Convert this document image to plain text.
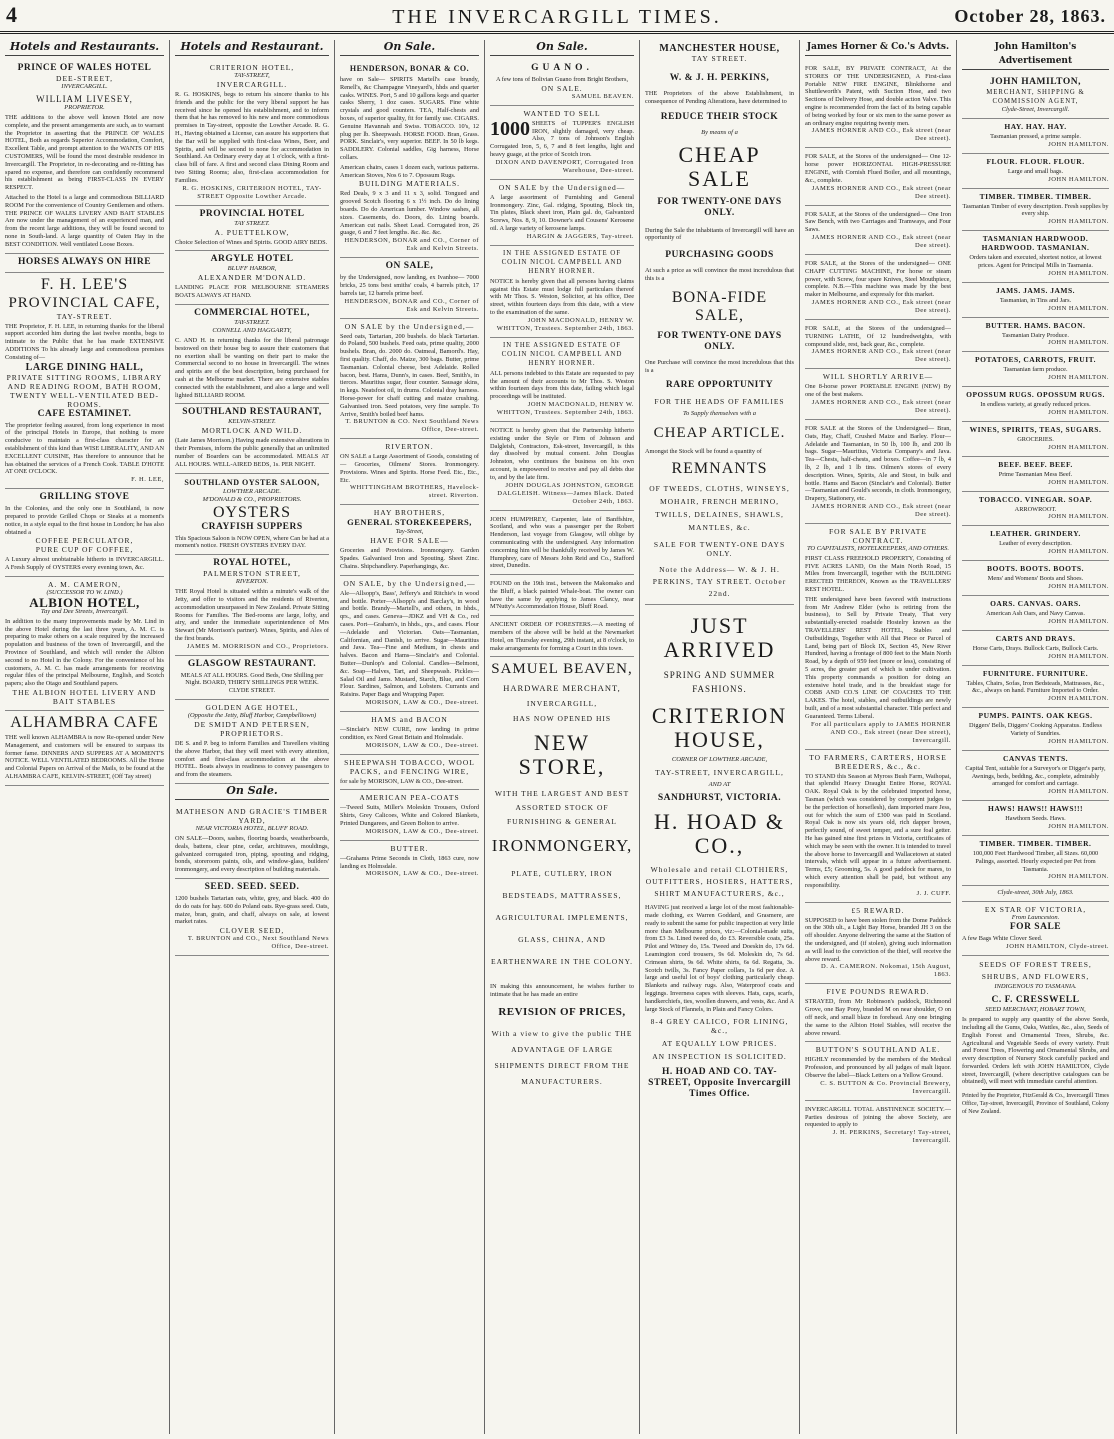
4	THE INVERCARGILL TIMES.	October 28, 1863.
Hotels and Restaurants.
PRINCE OF WALES HOTEL
DEE-STREET,
INVERCARGILL.
WILLIAM LIVESEY,
PROPRIETOR.
THE additions to the above well known Hotel are now complete, and the present arrangements are such, as to warrant the Proprietor in asserting that the PRINCE OF WALES HOTEL, Both as regards Superior Accommodation, Comfort, Excellent Table, and prompt attention to the WANTS OF HIS CUSTOMERS, Will be found the most desirable residence in Invercargill. The Proprietor, in re-decorating and re-fitting has spared no expense, and therefore can confidently recommend his establishment as being FIRST-CLASS IN EVERY RESPECT.
Attached to the Hotel is a large and commodious BILLIARD ROOM For the convenience of Country Gentlemen and others. THE PRINCE OF WALES LIVERY AND BAIT STABLES Are now under the management of an experienced man, and from the recent large additions, they will be found second to none in South-land. A large quantity of Oaten Hay in the BEST CONDITION. Well ventilated Loose Boxes.
HORSES ALWAYS ON HIRE
F. H. LEE'S
PROVINCIAL CAFE,
TAY-STREET.
THE Proprietor, F. H. LEE, in returning thanks for the liberal support accorded him during the last twelve months, begs to intimate to the Public that he has made EXTENSIVE ADDITIONS To his already large and commodious premises Consisting of—
LARGE DINING HALL,
PRIVATE SITTING ROOMS, LIBRARY AND READING ROOM, BATH ROOM,
TWENTY WELL-VENTILATED BED-ROOMS.
CAFE ESTAMINET.
The proprietor feeling assured, from long experience in most of the principal Hotels in Europe, that nothing is more conducive to maintain a first-class character for an establishment of this kind than WISE LIBERALITY, AND AN EXCELLENT CUISINE, Has therefore to announce that he has obtained the services of a French Cook. TABLE D'HOTE AT ONE O'CLOCK.
F. H. LEE,
GRILLING STOVE
In the Colonies, and the only one in Southland, is now prepared to provide Grilled Chops or Steaks at a moment's notice, in a style equal to the first house in London; he has also obtained a
COFFEE PERCULATOR,
PURE CUP OF COFFEE,
A Luxury almost unobtainable hitherto in INVERCARGILL. A Fresh Supply of OYSTERS every evening town, &c.
A. M. CAMERON,
(SUCCESSOR TO W. LIND.)
ALBION HOTEL,
Tay and Dee Streets, Invercargill.
In addition to the many improvements made by Mr. Lind in the above Hotel during the last three years, A. M. C. is preparing to make others on a scale required by the increased population and business of the town of Invercargill, and the Province of Southland, and which will render the Albion second to no Hotel in the Colony. For the convenience of his customers, A. M. C. has made arrangements for receiving regular files of the principal Melbourne, English, and Scotch papers; also the Otago and Southland papers.
THE ALBION HOTEL LIVERY AND BAIT STABLES
ALHAMBRA CAFE
THE well known ALHAMBRA is now Re-opened under New Management, and customers will be ensured to surpass its former fame. DINNERS AND SUPPERS AT A MOMENT'S NOTICE. WELL VENTILATED BEDROOMS. All the Home and Colonial Papers on Arrival of the Mails, to be found at the ALHAMBRA CAFE, KELVIN-STREET, (Off Tay street)
Hotels and Restaurant.
CRITERION HOTEL,
TAY-STREET,
INVERCARGILL.
R. G. HOSKINS, begs to return his sincere thanks to his friends and the public for the very liberal support he has received since he opened his establishment, and to inform them that he has removed to his new and more commodious premises in Tay-street, opposite the Lowther Arcade. R. G. H., Having obtained a License, can assure his supporters that the Bar will be supplied with first-class Wines, Beer, and Spirits, and will be second to none for accommodation in Southland. An Ordinary every day at 1 o'clock, with a first-class bill of fare. A first and second class Dining Room and two Sitting Rooms; also, first-class accommodation for Families.
R. G. HOSKINS, CRITERION HOTEL, TAY-STREET Opposite Lowther Arcade.
PROVINCIAL HOTEL
TAY STREET.
A. PUETTELKOW,
Choice Selection of Wines and Spirits. GOOD AIRY BEDS.
ARGYLE HOTEL
BLUFF HARBOR,
ALEXANDER M'DONALD.
LANDING PLACE FOR MELBOURNE STEAMERS BOATS ALWAYS AT HAND.
COMMERCIAL HOTEL,
TAY-STREET.
CONNELL AND HAGGARTY,
C. AND H. in returning thanks for the liberal patronage bestowed on their house beg to assure their customers that no exertion shall be wanting on their part to make the Commercial second to no house in Invercargill. The wines and spirits are of the best description, being purchased for cash at the Melbourne market. There are extensive stables connected with the establishment, and also a large and well lighted BILLIARD ROOM.
SOUTHLAND RESTAURANT,
KELVIN-STREET.
MORTLOCK AND WILD.
(Late James Morrison.) Having made extensive alterations in their Premises, inform the public generally that an unlimited number of Boarders can be accommodated. MEALS AT ALL HOURS. WELL-AIRED BEDS, 1s. PER NIGHT.
SOUTHLAND OYSTER SALOON,
LOWTHER ARCADE.
M'DONALD & CO., PROPRIETORS.
OYSTERS
CRAYFISH SUPPERS
This Spacious Saloon is NOW OPEN, where Can be had at a moment's notice. FRESH OYSTERS EVERY DAY.
ROYAL HOTEL,
PALMERSTON STREET,
RIVERTON.
THE Royal Hotel is situated within a minute's walk of the Jetty, and offer to visitors and the residents of Riverton, accommodation unsurpassed in New Zealand. Private Sitting Rooms for Families. The Bed-rooms are large, lofty, and airy, and under the immediate superintendence of Mrs Stewart (Mr Morrison's partner). Wines, Spirits, and Ales of the first brands.
JAMES M. MORRISON and CO., Proprietors.
GLASGOW RESTAURANT.
MEALS AT ALL HOURS. Good Beds, One Shilling per Night. BOARD, THIRTY SHILLINGS PER WEEK. CLYDE STREET.
GOLDEN AGE HOTEL,
(Opposite the Jetty, Bluff Harbor, Campbelltown)
DE SMIDT AND PETERSEN, PROPRIETORS.
DE S. and P. beg to inform Families and Travellers visiting the above Harbor, that they will meet with every attention, comfort and first-class accommodation at the above HOTEL. Boats always in readiness to convey passengers to and from the steamers.
On Sale.
MATHESON AND GRACIE'S TIMBER YARD,
NEAR VICTORIA HOTEL, BLUFF ROAD.
ON SALE—Doors, sashes, flooring boards, weatherboards, deals, battens, clear pine, cedar, architraves, mouldings, galvanized corrugated iron, piping, spouting and ridging, bonds, storeroom paints, oils, and window-glass, builders' ironmongery, and every description of building materials.
SEED. SEED. SEED.
1200 bushels Tartarian oats, white, grey, and black. 400 do do do oats for hay. 600 do Poland oats. Rye-grass seed. Oats, maize, bran, grain, and chaff, always on sale, at lowest market rates.
CLOVER SEED,
T. BRUNTON and CO., Next Southland News Office, Dee-street.
On Sale.
HENDERSON, BONAR & CO.
have on Sale— SPIRITS Martell's case brandy, Renell's, &c Champagne Vineyard's, hhds and quarter casks. WINES. Port, 5 and 10 gallons kegs and quarter casks Sherry, 1 doz cases. SUGARS. Fine white crystals and good counters. TEA, Half-chests and boxes, of superior quality, fit for family use. CIGARS. Genuine Havannah and Swiss. TOBACCO. 10's, 12 plug per lb. Sheepwash. HORSE FOOD. Bran, Grass. PORK. Sinclair's, very superior. BEEF. In 50 lb kegs. SADDLERY. Colonial saddles, Gig harness, Horse collars.
American chairs, cases 1 dozen each, various patterns. American Stoves, Nos 6 to 7. Opossum Rugs.
BUILDING MATERIALS.
Red Deals, 9 x 3 and 11 x 3, solid. Tongued and grooved Scotch flooring 6 x 1½ inch. Do do lining boards. Do do American lumber. Window sashes, all sizes. Casements, do. Doors, do. Lining boards. American cut nails. Sheet Lead. Corrugated iron, 26 guage, 6 and 7 feet lengths. &c. &c. &c.
HENDERSON, BONAR and CO., Corner of Esk and Kelvin Streets.
ON SALE,
by the Undersigned, now landing, ex Ivanhoe— 7000 bricks, 25 tons best smiths' coals, 4 barrels pitch, 17 barrels tar, 12 barrels prime beef.
HENDERSON, BONAR and CO., Corner of Esk and Kelvin Streets.
ON SALE by the Undersigned,—
Seed oats, Tartarian, 200 bushels. do black Tartarian. do Poland, 500 bushels. Feed oats, prime quality, 2000 bushels. Bran, do. 2000 do. Oatmeal, Bamord's. Hay, first quality. Chaff, do. Maize, 300 bags. Butter, prime Tasmanian. Colonial cheese, best Adelaide. Rolled bacon, best. Hams, Dunn's, in cases. Beef, Smith's, in tierces. Mauritius sugar, flour counter. Sausage skins, in kegs. Neatsfoot oil, in drums. Colonial dray harness. Horse-power for chaff cutting and maize crushing. Galvanised iron. Seed potatoes, very fine sample. To Arrive, Smith's boiled beef hams.
T. BRUNTON & CO. Next Southland News Office, Dee-street.
RIVERTON.
ON SALE a Large Assortment of Goods, consisting of— Groceries, Oilmens' Stores. Ironmongery. Provisions. Wines and Spirits. Horse Feed. Etc., Etc., Etc.
WHITTINGHAM BROTHERS, Havelock-street. Riverton.
HAY BROTHERS,
GENERAL STOREKEEPERS,
Tay-Street,
HAVE FOR SALE—
Groceries and Provisions. Ironmongery. Garden Spades. Galvanised Iron and Spouting. Sheet Zinc. Chains. Shipchandlery. Paperhangings, &c.
ON SALE, by the Undersigned,—
Ale—Allsopp's, Bass', Jeffery's and Ritchie's in wood and bottle. Porter—Allsopp's and Barclay's, in wood and bottle. Brandy—Martell's, and others, in hhds., qrs., and cases. Geneva—JDKZ and VH & Co., red cases. Port—Graham's, in hhds., qrs., and cases. Flour—Adelaide and Victorian. Oats—Tasmanian, Californian, and Danish, to arrive. Sugar—Mauritius and Java. Tea—Fine and Medium, in chests and halves. Bacon and Hams—Sinclair's and Colonial. Butter—Dunlop's and Colonial. Candles—Belmont, &c. Soap—Halves, Tart, and Sheepwash. Pickles—Salad Oil and Jams. Mustard, Starch, Blue, and Corn Flour. Sardines, Salmon, and Lobsters. Currants and Raisins. Paper Bags and Wrapping Paper.
MORISON, LAW & CO., Dee-street.
HAMS and BACON
—Sinclair's NEW CURE, now landing in prime condition, ex Nord Great Britain and Holmsdale.
MORISON, LAW & CO., Dee-street.
SHEEPWASH TOBACCO, WOOL PACKS, and FENCING WIRE,
for sale by MORISON, LAW & CO., Dee-street.
AMERICAN PEA-COATS
—Tweed Suits, Miller's Moleskin Trousers, Oxford Shirts, Grey Calicoes, White and Colored Blankets, Printed Dungarees, and Green Bolton to arrive.
MORISON, LAW & CO., Dee-street.
BUTTER.
—Grahams Prime Seconds in Cloth, 1863 cure, now landing ex Holmsdale.
MORISON, LAW & CO., Dee-street.
On Sale.
GUANO.
A few tons of Bolivian Guano from Bright Brothers,
ON SALE.
SAMUEL BEAVEN.
WANTED TO SELL
1000 SHEETS of TUPPER'S ENGLISH IRON, slightly damaged, very cheap. Also, 7 tons of Johnson's English Corrugated Iron, 5, 6, 7 and 8 feet lengths, light and heavy guage, at the price of Scotch iron.
DIXON AND DAVENPORT, Corrugated Iron Warehouse, Dee-street.
ON SALE by the Undersigned—
A large assortment of Furnishing and General Ironmongery. Zinc, Gal. ridging, Spouting, Block tin, Tin plates, Black sheet iron, Plain gal. do, Galvanized Screws, Nos. 8, 9, 10. Downer's and Cousens' Kerosene oil. A large variety of kerosene lamps.
HARGIN & JAGGERS, Tay-street.
IN THE ASSIGNED ESTATE OF COLIN NICOL CAMPBELL AND HENRY HORNER.
NOTICE is hereby given that all persons having claims against this Estate must lodge full particulars thereof with Mr Thos. S. Weston, Solicitor, at his office, Dee street, within fourteen days from this date, with a view to the examination of the same.
JOHN MACDONALD, HENRY W. WHITTON, Trustees. September 24th, 1863.
IN THE ASSIGNED ESTATE OF COLIN NICOL CAMPBELL AND HENRY HORNER.
ALL persons indebted to this Estate are requested to pay the amount of their accounts to Mr Thos. S. Weston within fourteen days from this date, failing which legal proceedings will be instituted.
JOHN MACDONALD, HENRY W. WHITTON, Trustees. September 24th, 1863.
NOTICE is hereby given that the Partnership hitherto existing under the Style or Firm of Johnson and Dalgleish, Contractors, Esk-street, Invercargill, is this day dissolved by mutual consent. John Douglas Johnston, who continues the business on his own account, is empowered to receive and pay all debts due to, and by the late firm.
JOHN DOUGLAS JOHNSTON, GEORGE DALGLEISH. Witness—James Black. Dated October 24th, 1863.
JOHN HUMPHREY, Carpenter, late of Banffshire, Scotland, and who was a passenger per the Robert Henderson, last voyage from Glasgow, will oblige by communicating with the undersigned. Any information concerning him will be thankfully received by James W. Humphrey, care of Messrs John Reid and Co., Stafford street, Dunedin.
FOUND on the 19th inst., between the Makomako and the Bluff, a black painted Whale-boat. The owner can have the same by applying to James Clancy, near M'Nutty's Accommodation House, Bluff Road.
ANCIENT ORDER OF FORESTERS.—A meeting of members of the above will be held at the Newmarket Hotel, on Thursday evening, 29th instant, at 8 o'clock, to make arrangements for forming a Court in this town.
SAMUEL BEAVEN,
HARDWARE MERCHANT,
INVERCARGILL,
HAS NOW OPENED HIS
NEW STORE,
WITH THE LARGEST AND BEST ASSORTED STOCK OF FURNISHING & GENERAL
IRONMONGERY,
PLATE, CUTLERY, IRON BEDSTEADS, MATTRASSES, AGRICULTURAL IMPLEMENTS, GLASS, CHINA, AND EARTHENWARE IN THE COLONY.
IN making this announcement, he wishes further to intimate that he has made an entire
REVISION OF PRICES,
With a view to give the public THE ADVANTAGE OF LARGE SHIPMENTS DIRECT FROM THE MANUFACTURERS.
MANCHESTER HOUSE,
TAY STREET.
W. & J. H. PERKINS,
THE Proprietors of the above Establishment, in consequence of Pending Alterations, have determined to
REDUCE THEIR STOCK
By means of a
CHEAP SALE
FOR TWENTY-ONE DAYS ONLY.
During the Sale the inhabitants of Invercargill will have an opportunity of
PURCHASING GOODS
At such a price as will convince the most incredulous that this is a
BONA-FIDE SALE,
FOR TWENTY-ONE DAYS ONLY.
One Purchase will convince the most incredulous that this is a
RARE OPPORTUNITY
FOR THE HEADS OF FAMILIES
To Supply themselves with a
CHEAP ARTICLE.
Amongst the Stock will be found a quantity of
REMNANTS
OF TWEEDS, CLOTHS, WINSEYS, MOHAIR, FRENCH MERINO, TWILLS, DELAINES, SHAWLS, MANTLES, &c.
SALE FOR TWENTY-ONE DAYS ONLY.
Note the Address— W. & J. H. PERKINS, TAY STREET. October 22nd.
JUST ARRIVED
SPRING AND SUMMER FASHIONS.
CRITERION HOUSE,
CORNER OF LOWTHER ARCADE,
TAY-STREET, INVERCARGILL,
AND AT
SANDHURST, VICTORIA.
H. HOAD & CO.,
Wholesale and retail CLOTHIERS, OUTFITTERS, HOSIERS, HATTERS, SHIRT MANUFACTURERS, &c.,
HAVING just received a large lot of the most fashionable-made clothing, ex Warren Goddard, and Grasmere, are ready to submit the same for public inspection at very little more than Melbourne prices, viz:—Colonial-made suits, from £3 3s. Lined tweed do, do £3. Reversible coats, 25s. Pilot and Witney do, 15s. Tweed and Doeskin do, 17s 6d. Leamington cord trousers, 9s 6d. Moleskin do, 7s 6d. Crimean shirts, 9s 6d. White shirts, 6s 6d. Regatta, 3s. Scotch twills, 3s. Fancy Paper collars, 1s 6d per doz. A large and useful lot of boys' clothing particularly cheap. Blankets and railway rugs. Also, Waterproof coats and leggings. Inverness capes with sleeves. Hats, caps, scarfs, handkerchiefs, ties, woollen drawers, and vests, &c. And A large Stock of Flannels, in Plain and Fancy Colors.
8-4 GREY CALICO, FOR LINING, &c.,
AT EQUALLY LOW PRICES.
AN INSPECTION IS SOLICITED.
H. HOAD AND CO. TAY-STREET, Opposite Invercargill Times Office.
James Horner & Co.'s Advts.
FOR SALE, BY PRIVATE CONTRACT, At the STORES OF THE UNDERSIGNED, A First-class Portable NEW FIRE ENGINE, Blinkthorne and Shuttleworth's Patent, with Suction Hose, and two Sections of Delivery Hose, and double action Valve. This engine is recommended from the fact of its being capable of being worked by four or six men to the same power as an ordinary engine requiring twenty men.
JAMES HORNER AND CO., Esk street (near Dee street).
FOR SALE, at the Stores of the undersigned— One 12-horse power HORIZONTAL HIGH-PRESSURE ENGINE, with Cornish Flued Boiler, and all mountings, &c., complete.
JAMES HORNER AND CO., Esk street (near Dee street).
FOR SALE, at the Stores of the undersigned— One Iron Saw Bench, with two Carriages and Tramways, and Four Saws.
JAMES HORNER AND CO., Esk street (near Dee street).
FOR SALE, at the Stores of the undersigned— ONE CHAFF CUTTING MACHINE, For horse or steam power, with Screw, four spare Knives, Steel Mouthpiece, complete. N.B.—This machine was made by the best maker in Melbourne, and expressly for this market.
JAMES HORNER AND CO., Esk street (near Dee street).
FOR SALE, at the Stores of the undersigned— TURNING LATHE, Of 12 hundredweights, with compound slide, rest, back gear, &c., complete.
JAMES HORNER AND CO., Esk street (near Dee street).
WILL SHORTLY ARRIVE—
One 8-horse power PORTABLE ENGINE (NEW) By one of the best makers.
JAMES HORNER AND CO., Esk street (near Dee street).
FOR SALE at the Stores of the Undersigned— Bran, Oats, Hay, Chaff, Crushed Maize and Barley. Flour—Adelaide and Tasmanian, in 50 lb, 100 lb, and 200 lb bags. Sugar—Mauritius, Victoria Company's and Java. Tea—Chests, half-chests, and boxes. Coffee—in 7 lb, 4 lb, 2 lb, and 1 lb tins. Oilmen's stores of every description. Wines, Spirits, Ale and Stout, in bulk and bottle. Hams and Bacon (Sinclair's and Colonial). Butter—Tasmanian and Gould's seconds, in cloth. Ironmongery, Drapery, Stationery, etc.
JAMES HORNER AND CO., Esk street (near Dee street).
FOR SALE BY PRIVATE CONTRACT.
TO CAPITALISTS, HOTELKEEPERS, AND OTHERS.
FIRST CLASS FREEHOLD PROPERTY, Consisting of FIVE ACRES LAND, On the Main North Road, 15 Miles from Invercargill, together with the BUILDING ERECTED THEREON, Known as the TRAVELLERS' REST HOTEL.
THE undersigned have been favored with instructions from Mr Andrew Elder (who is retiring from the business), to Sell by Private Treaty, That very substantially-erected roadside Hostelry known as the TRAVELLERS' REST HOTEL, Stables and Outbuildings, Together with All that Piece or Parcel of Land, being part of Block IX, Section 45, New River Hundred, having a frontage of 800 feet to the Main North Road, by a depth of 959 feet (more or less), consisting of 5 acres, the greater part of which is under cultivation. This property commands a position for doing an extensive hotel trade, and is the breakfast stage for COBB AND CO.'S LINE OF COACHES TO THE LAKES. The hotel, stables, and outbuildings are newly built, and of a most substantial character. Title perfect and Guaranteed. Terms Liberal.
For all particulars apply to JAMES HORNER AND CO., Esk street (near Dee street), Invercargill.
TO FARMERS, CARTERS, HORSE BREEDERS, &c., &c.
TO STAND this Season at Myross Bush Farm, Waihopai, that splendid Heavy Draught Entire Horse, ROYAL OAK. Royal Oak is by the celebrated imported horse, Tasman (which was considered by competent judges to be the perfection of horseflesh), dam imported mare Jess, out for which the sum of £300 was paid in Scotland. Royal Oak is now six years old, rich dapper brown, perfectly sound, of sweet temper, and a sure foal getter. He has gained nine first prizes in Victoria, certificates of which may be seen with the owner. It is intended to travel the above horse to Invercargill and Wallacetown at stated intervals, which will appear in a future advertisement. Terms, £5; Grooming, 5s. A good paddock for mares, to which every attention shall be paid, but without any responsibility.
J. J. CUFF.
£5 REWARD.
SUPPOSED to have been stolen from the Dome Paddock on the 30th ult., a Light Bay Horse, branded JH 3 on the off shoulder. Anyone delivering the same at the Station of the undersigned, and (if stolen), giving such information as will lead to the conviction of the thief, will receive the above reward.
D. A. CAMERON. Nokomai, 15th August, 1863.
FIVE POUNDS REWARD.
STRAYED, from Mr Robinson's paddock, Richmond Grove, one Bay Pony, branded M on near shoulder, O on off neck, and small blaze in forehead. Any one bringing the same to the Albion Hotel Stables, will receive the above reward.
BUTTON'S SOUTHLAND ALE.
HIGHLY recommended by the members of the Medical Profession, and pronounced by all judges of malt liquor. Observe the label—Black Letters on a Yellow Ground.
C. S. BUTTON & Co. Provincial Brewery, Invercargill.
INVERCARGILL TOTAL ABSTINENCE SOCIETY.—Parties desirous of joining the above Society, are requested to apply to
J. H. PERKINS, Secretary! Tay-street, Invercargill.
John Hamilton's Advertisement
JOHN HAMILTON,
MERCHANT, SHIPPING & COMMISSION AGENT,
Clyde-Street, Invercargill.
HAY. HAY. HAY.
Tasmanian pressed, a prime sample.
JOHN HAMILTON.
FLOUR. FLOUR. FLOUR.
Large and small bags.
JOHN HAMILTON.
TIMBER. TIMBER. TIMBER.
Tasmanian Timber of every description. Fresh supplies by every ship.
JOHN HAMILTON.
TASMANIAN HARDWOOD. HARDWOOD. TASMANIAN.
Orders taken and executed, shortest notice, at lowest prices. Agent for Principal Mills in Tasmania.
JOHN HAMILTON.
JAMS. JAMS. JAMS.
Tasmanian, in Tins and Jars.
JOHN HAMILTON.
BUTTER. HAMS. BACON.
Tasmanian Dairy Produce.
JOHN HAMILTON.
POTATOES, CARROTS, FRUIT.
Tasmanian farm produce.
JOHN HAMILTON.
OPOSSUM RUGS. OPOSSUM RUGS.
In endless variety, at greatly reduced prices.
JOHN HAMILTON.
WINES, SPIRITS, TEAS, SUGARS.
GROCERIES.
JOHN HAMILTON.
BEEF. BEEF. BEEF.
Prime Tasmanian Mess Beef.
JOHN HAMILTON.
TOBACCO. VINEGAR. SOAP.
ARROWROOT.
JOHN HAMILTON.
LEATHER. GRINDERY.
Leather of every description.
JOHN HAMILTON.
BOOTS. BOOTS. BOOTS.
Mens' and Womens' Boots and Shoes.
JOHN HAMILTON.
OARS. CANVAS. OARS.
American Ash Oars, and Navy Canvas.
JOHN HAMILTON.
CARTS AND DRAYS.
Horse Carts, Drays. Bullock Carts, Bullock Carts.
JOHN HAMILTON.
FURNITURE. FURNITURE.
Tables, Chairs, Sofas, Iron Bedsteads, Mattrasses, &c., &c., always on hand. Furniture Imported to Order.
JOHN HAMILTON.
PUMPS. PAINTS. OAK KEGS.
Diggers' Bells, Diggers' Cooking Apparatus. Endless Variety of Sundries.
JOHN HAMILTON.
CANVAS TENTS.
Capital Tent, suitable for a Surveyor's or Digger's party, Awnings, beds, bedding, &c., complete, admirably arranged for comfort and carriage.
JOHN HAMILTON.
HAWS! HAWS!! HAWS!!!
Hawthorn Seeds. Haws.
JOHN HAMILTON.
TIMBER. TIMBER. TIMBER.
100,000 Feet Hardwood Timber, all Sizes. 60,000 Palings, assorted. Hourly expected per Pet from Tasmania.
JOHN HAMILTON.
Clyde-street, 30th July, 1863.
EX STAR OF VICTORIA,
From Launceston.
FOR SALE
A few Bags White Clover Seed.
JOHN HAMILTON, Clyde-street.
SEEDS OF FOREST TREES, SHRUBS, AND FLOWERS,
INDIGENOUS TO TASMANIA.
C. F. CRESSWELL
SEED MERCHANT, HOBART TOWN,
Is prepared to supply any quantity of the above Seeds, including all the Gums, Oaks, Wattles, &c., also, Seeds of English Forest and Ornamental Trees, Shrubs, &c. Agricultural and Vegetable Seeds of every variety. Fruit and Forest Trees, Flowering and Ornamental Shrubs, and every description of Nursery Stock carefully packed and forwarded. Orders left with JOHN HAMILTON, Clyde street, Invercargill, (where descriptive catalogues can be obtained), will meet with immediate careful attention.
Printed by the Proprietor, FitzGerald & Co., Invercargill Times Office, Tay-street, Invercargill, Province of Southland, Colony of New Zealand.
